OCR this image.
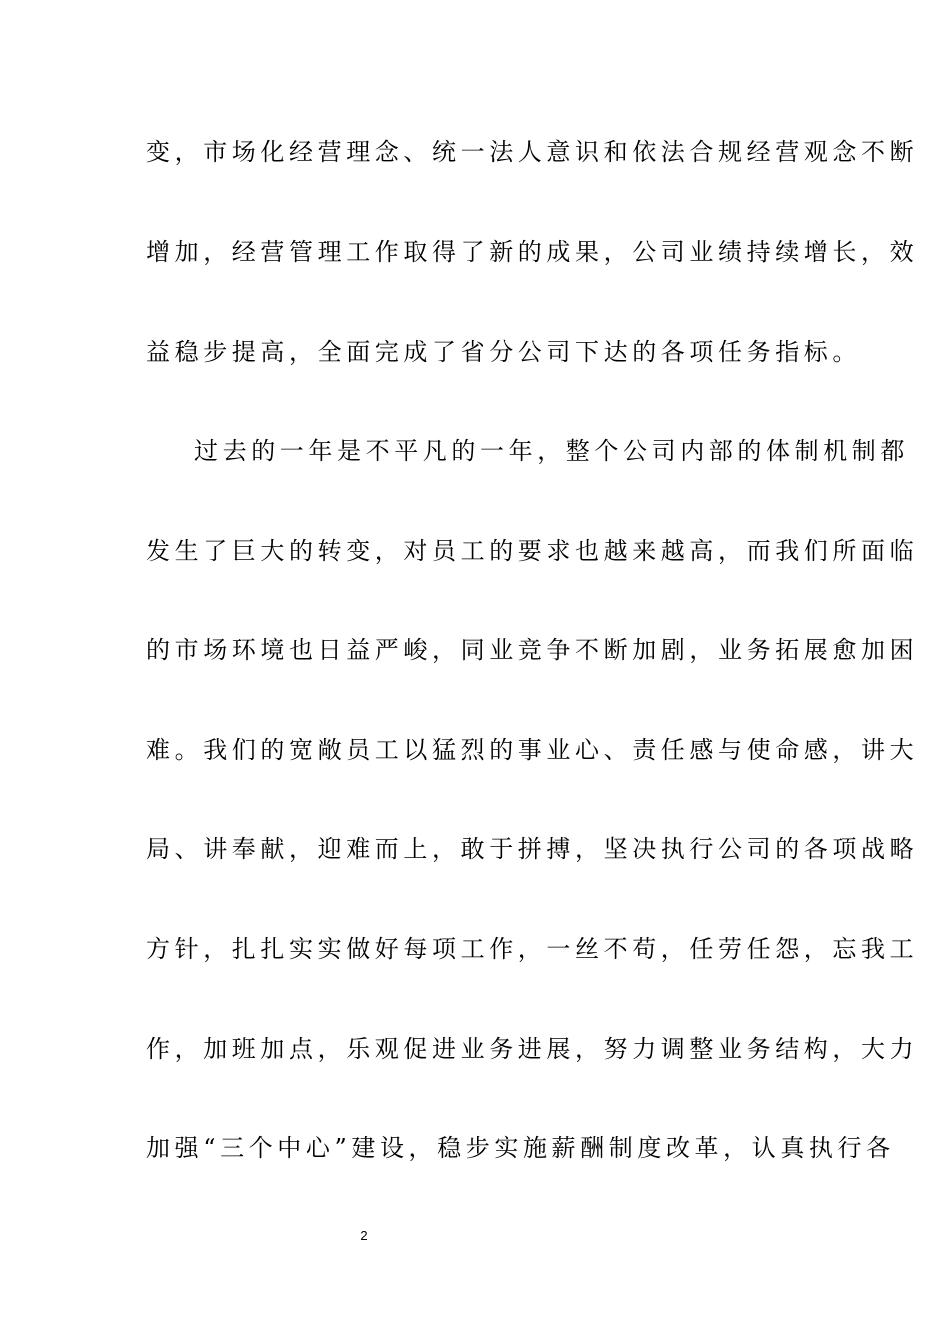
变，市场化经营理念、统一法人意识和依法合规经营观念不断
增加，经营管理工作取得了新的成果，公司业绩持续增长，效
益稳步提高，全面完成了省分公司下达的各项任务指标。
过去的一年是不平凡的一年，整个公司内部的体制机制都
发生了巨大的转变，对员工的要求也越来越高，而我们所面临
的市场环境也日益严峻，同业竞争不断加剧，业务拓展愈加困
难。我们的宽敞员工以猛烈的事业心、责任感与使命感，讲大
局、讲奉献，迎难而上，敢于拼搏，坚决执行公司的各项战略
方针，扎扎实实做好每项工作，一丝不苟，任劳任怨，忘我工
作，加班加点，乐观促进业务进展，努力调整业务结构，大力
加强“三个中心”建设，稳步实施薪酬制度改革，认真执行各
2
